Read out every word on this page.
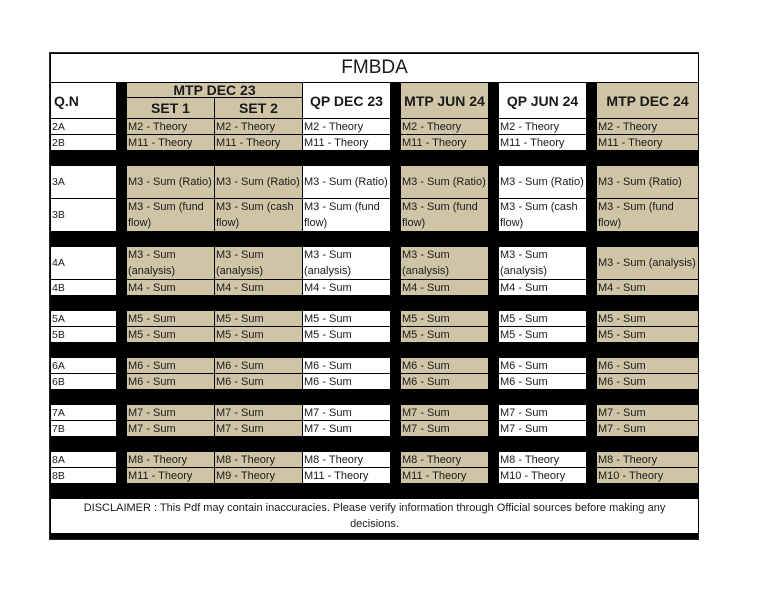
FMBDA										
Q.N		MTP DEC 23		QP DEC 23		MTP JUN 24		QP JUN 24		MTP DEC 24
		SET 1	SET 2							
2A		M2 - Theory	M2 - Theory	M2 - Theory		M2 - Theory		M2 - Theory		M2 - Theory
2B		M11 - Theory	M11 - Theory	M11 - Theory		M11 - Theory		M11 - Theory		M11 - Theory

3A		M3 - Sum (Ratio)	M3 - Sum (Ratio)	M3 - Sum (Ratio)		M3 - Sum (Ratio)		M3 - Sum (Ratio)		M3 - Sum (Ratio)
3B		M3 - Sum (fund flow)	M3 - Sum (cash flow)	M3 - Sum (fund flow)		M3 - Sum (fund flow)		M3 - Sum (cash flow)		M3 - Sum (fund flow)

4A		M3 - Sum (analysis)	M3 - Sum (analysis)	M3 - Sum (analysis)		M3 - Sum (analysis)		M3 - Sum (analysis)		M3 - Sum (analysis)
4B		M4 - Sum	M4 - Sum	M4 - Sum		M4 - Sum		M4 - Sum		M4 - Sum

5A		M5 - Sum	M5 - Sum	M5 - Sum		M5 - Sum		M5 - Sum		M5 - Sum
5B		M5 - Sum	M5 - Sum	M5 - Sum		M5 - Sum		M5 - Sum		M5 - Sum

6A		M6 - Sum	M6 - Sum	M6 - Sum		M6 - Sum		M6 - Sum		M6 - Sum
6B		M6 - Sum	M6 - Sum	M6 - Sum		M6 - Sum		M6 - Sum		M6 - Sum

7A		M7 - Sum	M7 - Sum	M7 - Sum		M7 - Sum		M7 - Sum		M7 - Sum
7B		M7 - Sum	M7 - Sum	M7 - Sum		M7 - Sum		M7 - Sum		M7 - Sum

8A		M8 - Theory	M8 - Theory	M8 - Theory		M8 - Theory		M8 - Theory		M8 - Theory
8B		M11 - Theory	M9 - Theory	M11 - Theory		M11 - Theory		M10 - Theory		M10 - Theory

DISCLAIMER : This Pdf may contain inaccuracies. Please verify information through Official sources before making any decisions.										
